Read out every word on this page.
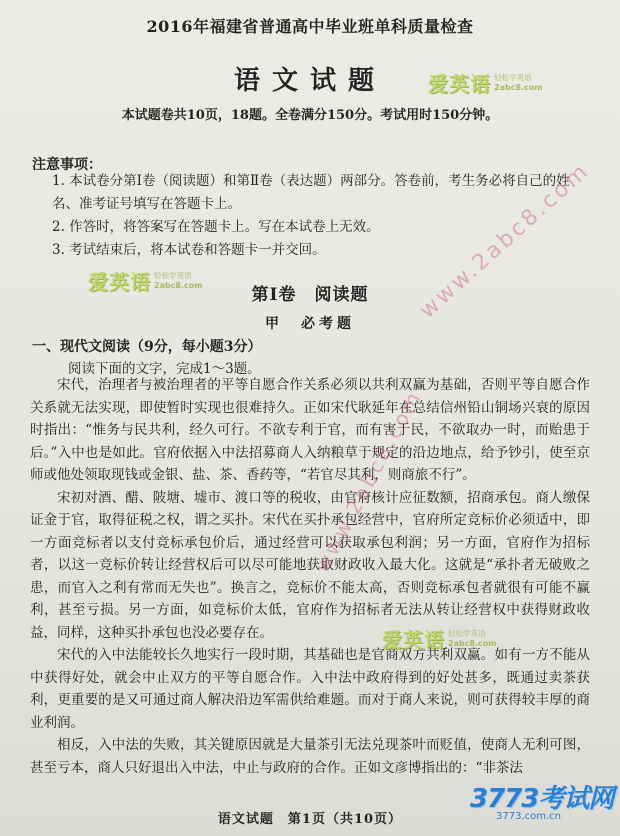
2016年福建省普通高中毕业班单科质量检查
语文试题
本试题卷共10页，18题。全卷满分150分。考试用时150分钟。
注意事项：
1. 本试卷分第Ⅰ卷（阅读题）和第Ⅱ卷（表达题）两部分。答卷前，考生务必将自己的姓名、准考证号填写在答题卡上。
2. 作答时，将答案写在答题卡上。写在本试卷上无效。
3. 考试结束后，将本试卷和答题卡一并交回。
第Ⅰ卷　阅读题
甲　必考题
一、现代文阅读（9分，每小题3分）
阅读下面的文字，完成1～3题。

宋代，治理者与被治理者的平等自愿合作关系必须以共利双赢为基础，否则平等自愿合作关系就无法实现，即使暂时实现也很难持久。正如宋代耿延年在总结信州铅山铜场兴衰的原因时指出：“惟务与民共利，经久可行。不欲专利于官，而有害于民，不欲取办一时，而贻患于后。”入中也是如此。官府依据入中法招募商人入纳粮草于规定的沿边地点，给予钞引，使至京师或他处领取现钱或金银、盐、茶、香药等，“若官尽其利，则商旅不行”。

宋初对酒、醋、陂塘、墟市、渡口等的税收，由官府核计应征数额，招商承包。商人缴保证金于官，取得征税之权，谓之买扑。宋代在买扑承包经营中，官府所定竞标价必须适中，即一方面竞标者以支付竞标承包价后，通过经营可以获取承包利润；另一方面，官府作为招标者，以这一竞标价转让经营权后可以尽可能地获取财政收入最大化。这就是“承扑者无破败之患，而官入之利有常而无失也”。换言之，竞标价不能太高，否则竞标承包者就很有可能不赢利，甚至亏损。另一方面，如竞标价太低，官府作为招标者无法从转让经营权中获得财政收益，同样，这种买扑承包也没必要存在。

宋代的入中法能较长久地实行一段时期，其基础也是官商双方共利双赢。如有一方不能从中获得好处，就会中止双方的平等自愿合作。入中法中政府得到的好处甚多，既通过卖茶获利，更重要的是又可通过商人解决沿边军需供给难题。而对于商人来说，则可获得较丰厚的商业利润。

相反，入中法的失败，其关键原因就是大量茶引无法兑现茶叶而贬值，使商人无利可图，甚至亏本，商人只好退出入中法，中止与政府的合作。正如文彦博指出的：“非茶法

语文试题　第1页（共10页）
爱英语 轻松学英语
2abc8.com
爱英语 轻松学英语
2abc8.com
爱英语 轻松学英语
2abc8.com
www.2abc8.com
www.2abc8.com
3773考试网
3773.com.cn
